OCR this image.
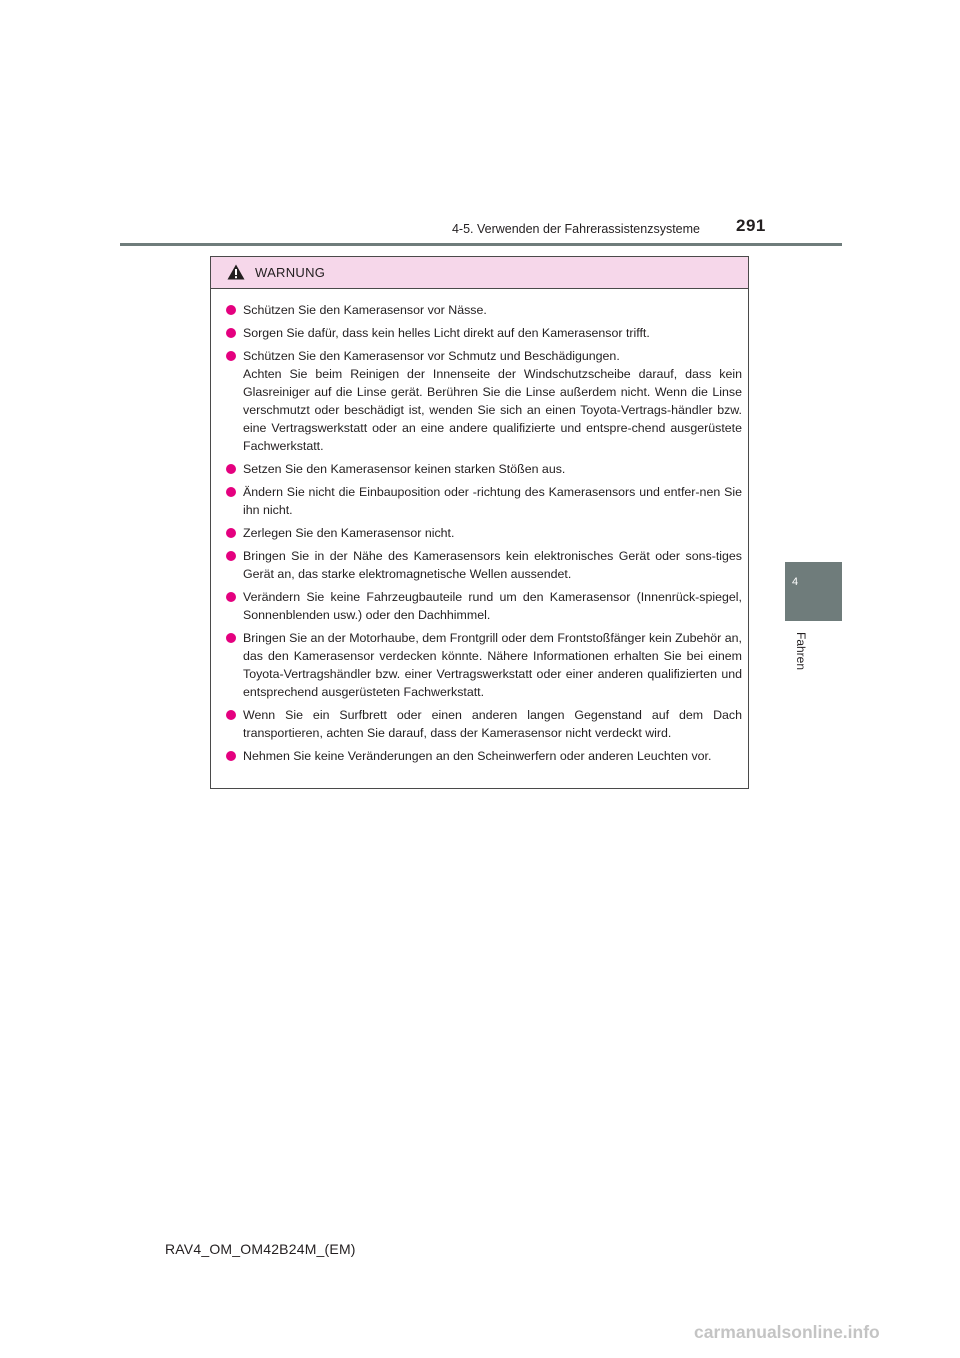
4-5. Verwenden der Fahrerassistenzsysteme 291
4
Fahren
WARNUNG
Schützen Sie den Kamerasensor vor Nässe.
Sorgen Sie dafür, dass kein helles Licht direkt auf den Kamerasensor trifft.
Schützen Sie den Kamerasensor vor Schmutz und Beschädigungen.
Achten Sie beim Reinigen der Innenseite der Windschutzscheibe darauf, dass kein Glasreiniger auf die Linse gerät. Berühren Sie die Linse außerdem nicht. Wenn die Linse verschmutzt oder beschädigt ist, wenden Sie sich an einen Toyota-Vertrags-händler bzw. eine Vertragswerkstatt oder an eine andere qualifizierte und entspre-chend ausgerüstete Fachwerkstatt.
Setzen Sie den Kamerasensor keinen starken Stößen aus.
Ändern Sie nicht die Einbauposition oder -richtung des Kamerasensors und entfer-nen Sie ihn nicht.
Zerlegen Sie den Kamerasensor nicht.
Bringen Sie in der Nähe des Kamerasensors kein elektronisches Gerät oder sons-tiges Gerät an, das starke elektromagnetische Wellen aussendet.
Verändern Sie keine Fahrzeugbauteile rund um den Kamerasensor (Innenrück-spiegel, Sonnenblenden usw.) oder den Dachhimmel.
Bringen Sie an der Motorhaube, dem Frontgrill oder dem Frontstoßfänger kein Zubehör an, das den Kamerasensor verdecken könnte. Nähere Informationen erhalten Sie bei einem Toyota-Vertragshändler bzw. einer Vertragswerkstatt oder einer anderen qualifizierten und entsprechend ausgerüsteten Fachwerkstatt.
Wenn Sie ein Surfbrett oder einen anderen langen Gegenstand auf dem Dach transportieren, achten Sie darauf, dass der Kamerasensor nicht verdeckt wird.
Nehmen Sie keine Veränderungen an den Scheinwerfern oder anderen Leuchten vor.
RAV4_OM_OM42B24M_(EM)
carmanualsonline.info
